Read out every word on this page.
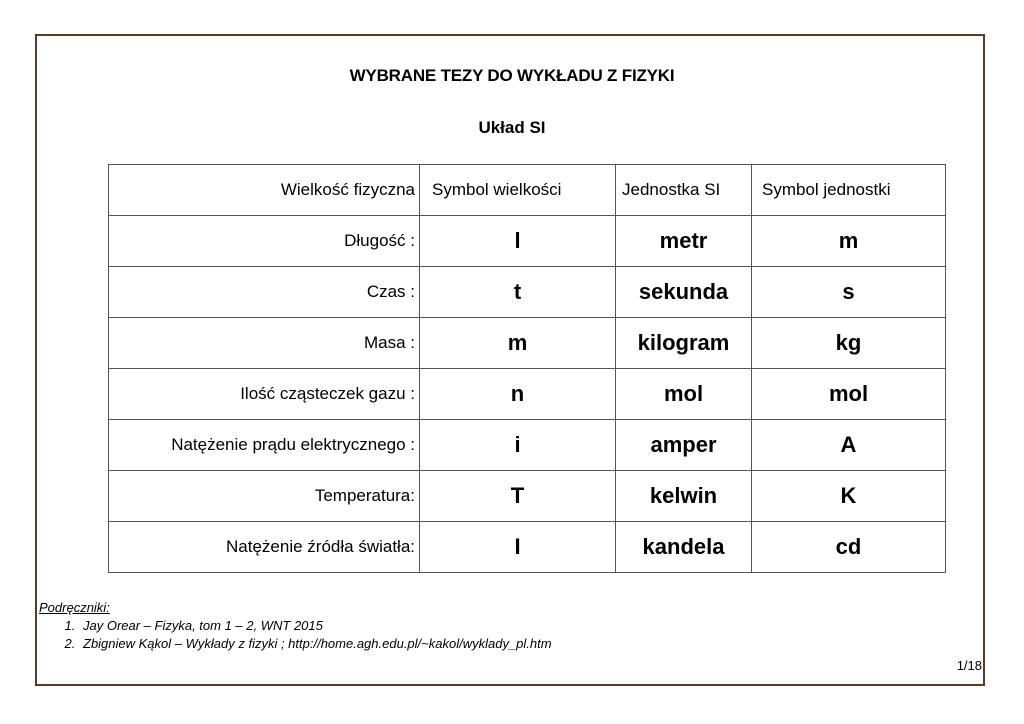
WYBRANE TEZY DO WYKŁADU Z FIZYKI
Układ SI
Wielkość fizyczna	Symbol wielkości	Jednostka SI	Symbol jednostki
Długość :	l	metr	m
Czas :	t	sekunda	s
Masa :	m	kilogram	kg
Ilość cząsteczek gazu :	n	mol	mol
Natężenie prądu elektrycznego :	i	amper	A
Temperatura:	T	kelwin	K
Natężenie źródła światła:	I	kandela	cd
Podręczniki:
1. Jay Orear – Fizyka, tom 1 – 2, WNT 2015
2. Zbigniew Kąkol – Wykłady z fizyki ; http://home.agh.edu.pl/~kakol/wyklady_pl.htm
1/18
